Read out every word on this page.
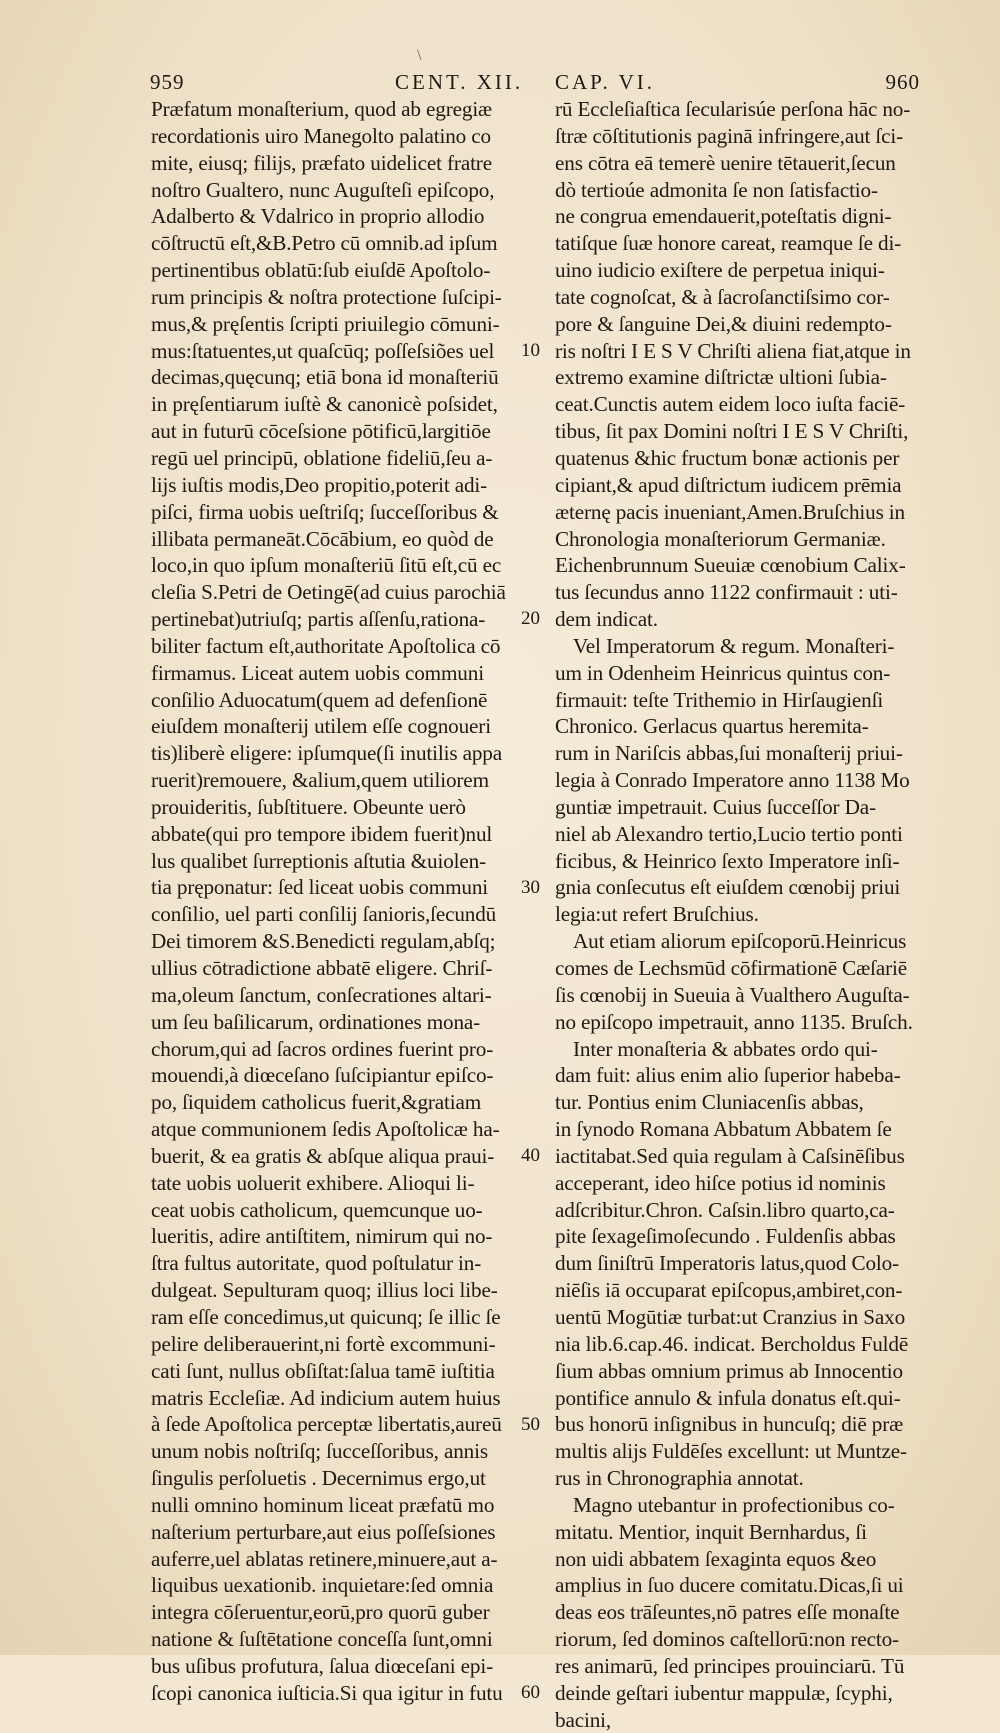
\
959	CENT. XII. CAP. VI.	960
Præfatum monaſterium, quod ab egregiæ
recordationis uiro Manegolto palatino co
mite, eiusq; filijs, præfato uidelicet fratre
noſtro Gualtero, nunc Auguſteſi epiſcopo,
Adalberto & Vdalrico in proprio allodio
cōſtructū eſt,&B.Petro cū omnib.ad ipſum
pertinentibus oblatū:ſub eiuſdē Apoſtolo-
rum principis & noſtra protectione ſuſcipi-
mus,& pręſentis ſcripti priuilegio cōmuni-
mus:ſtatuentes,ut quaſcūq; poſſeſsiões uel
decimas,quęcunq; etiā bona id monaſteriū
in pręſentiarum iuſtè & canonicè poſsidet,
aut in futurū cōceſsione pōtificū,largitiōe
regū uel principū, oblatione fideliū,ſeu a-
lijs iuſtis modis,Deo propitio,poterit adi-
piſci, firma uobis ueſtriſq; ſucceſſoribus &
illibata permaneāt.Cōcābium, eo quòd de
loco,in quo ipſum monaſteriū ſitū eſt,cū ec
cleſia S.Petri de Oetingē(ad cuius parochiā
pertinebat)utriuſq; partis aſſenſu,rationa-
biliter factum eſt,authoritate Apoſtolica cō
firmamus. Liceat autem uobis communi
conſilio Aduocatum(quem ad defenſionē
eiuſdem monaſterij utilem eſſe cognoueri
tis)liberè eligere: ipſumque(ſi inutilis appa
ruerit)remouere, &alium,quem utiliorem
prouideritis, ſubſtituere. Obeunte uerò
abbate(qui pro tempore ibidem fuerit)nul
lus qualibet ſurreptionis aſtutia &uiolen-
tia pręponatur: ſed liceat uobis communi
conſilio, uel parti conſilij ſanioris,ſecundū
Dei timorem &S.Benedicti regulam,abſq;
ullius cōtradictione abbatē eligere. Chriſ-
ma,oleum ſanctum, conſecrationes altari-
um ſeu baſilicarum, ordinationes mona-
chorum,qui ad ſacros ordines fuerint pro-
mouendi,à diœceſano ſuſcipiantur epiſco-
po, ſiquidem catholicus fuerit,&gratiam
atque communionem ſedis Apoſtolicæ ha-
buerit, & ea gratis & abſque aliqua praui-
tate uobis uoluerit exhibere. Alioqui li-
ceat uobis catholicum, quemcunque uo-
lueritis, adire antiſtitem, nimirum qui no-
ſtra fultus autoritate, quod poſtulatur in-
dulgeat. Sepulturam quoq; illius loci libe-
ram eſſe concedimus,ut quicunq; ſe illic ſe
pelire deliberauerint,ni fortè excommuni-
cati ſunt, nullus obſiſtat:ſalua tamē iuſtitia
matris Eccleſiæ. Ad indicium autem huius
à ſede Apoſtolica perceptæ libertatis,aureū
unum nobis noſtriſq; ſucceſſoribus, annis
ſingulis perſoluetis . Decernimus ergo,ut
nulli omnino hominum liceat præfatū mo
naſterium perturbare,aut eius poſſeſsiones
auferre,uel ablatas retinere,minuere,aut a-
liquibus uexationib. inquietare:ſed omnia
integra cōſeruentur,eorū,pro quorū guber
natione & ſuſtētatione conceſſa ſunt,omni
bus uſibus profutura, ſalua diœceſani epi-
ſcopi canonica iuſticia.Si qua igitur in futu
rū Eccleſiaſtica ſecularisúe perſona hāc no-
ſtræ cōſtitutionis paginā infringere,aut ſci-
ens cōtra eā temerè uenire tētauerit,ſecun
dò tertioúe admonita ſe non ſatisfactio-
ne congrua emendauerit,poteſtatis digni-
tatiſque ſuæ honore careat, reamque ſe di-
uino iudicio exiſtere de perpetua iniqui-
tate cognoſcat, & à ſacroſanctiſsimo cor-
pore & ſanguine Dei,& diuini redempto-
ris noſtri I E S V Chriſti aliena fiat,atque in
extremo examine diſtrictæ ultioni ſubia-
ceat.Cunctis autem eidem loco iuſta faciē-
tibus, ſit pax Domini noſtri I E S V Chriſti,
quatenus &hic fructum bonæ actionis per
cipiant,& apud diſtrictum iudicem prēmia
æternę pacis inueniant,Amen.Bruſchius in
Chronologia monaſteriorum Germaniæ.
Eichenbrunnum Sueuiæ cœnobium Calix-
tus ſecundus anno 1122 confirmauit : uti-
dem indicat.
Vel Imperatorum & regum. Monaſteri-
um in Odenheim Heinricus quintus con-
firmauit: teſte Trithemio in Hirſaugienſi
Chronico. Gerlacus quartus heremita-
rum in Nariſcis abbas,ſui monaſterij priui-
legia à Conrado Imperatore anno 1138 Mo
guntiæ impetrauit. Cuius ſucceſſor Da-
niel ab Alexandro tertio,Lucio tertio ponti
ficibus, & Heinrico ſexto Imperatore inſi-
gnia conſecutus eſt eiuſdem cœnobij priui
legia:ut refert Bruſchius.
Aut etiam aliorum epiſcoporū.Heinricus
comes de Lechsmūd cōfirmationē Cæſariē
ſis cœnobij in Sueuia à Vualthero Auguſta-
no epiſcopo impetrauit, anno 1135. Bruſch.
Inter monaſteria & abbates ordo qui-
dam fuit: alius enim alio ſuperior habeba-
tur. Pontius enim Cluniacenſis abbas,
in ſynodo Romana Abbatum Abbatem ſe
iactitabat.Sed quia regulam à Caſsinēſibus
acceperant, ideo hiſce potius id nominis
adſcribitur.Chron. Caſsin.libro quarto,ca-
pite ſexageſimoſecundo . Fuldenſis abbas
dum ſiniſtrū Imperatoris latus,quod Colo-
niēſis iā occuparat epiſcopus,ambiret,con-
uentū Mogūtiæ turbat:ut Cranzius in Saxo
nia lib.6.cap.46. indicat. Bercholdus Fuldē
ſium abbas omnium primus ab Innocentio
pontifice annulo & infula donatus eſt.qui-
bus honorū inſignibus in huncuſq; diē præ
multis alijs Fuldēſes excellunt: ut Muntze-
rus in Chronographia annotat.
Magno utebantur in profectionibus co-
mitatu. Mentior, inquit Bernhardus, ſi
non uidi abbatem ſexaginta equos &eo
amplius in ſuo ducere comitatu.Dicas,ſi ui
deas eos trāſeuntes,nō patres eſſe monaſte
riorum, ſed dominos caſtellorū:non recto-
res animarū, ſed principes prouinciarū. Tū
deinde geſtari iubentur mappulæ, ſcyphi,
bacini,
10
20
30
40
50
60
